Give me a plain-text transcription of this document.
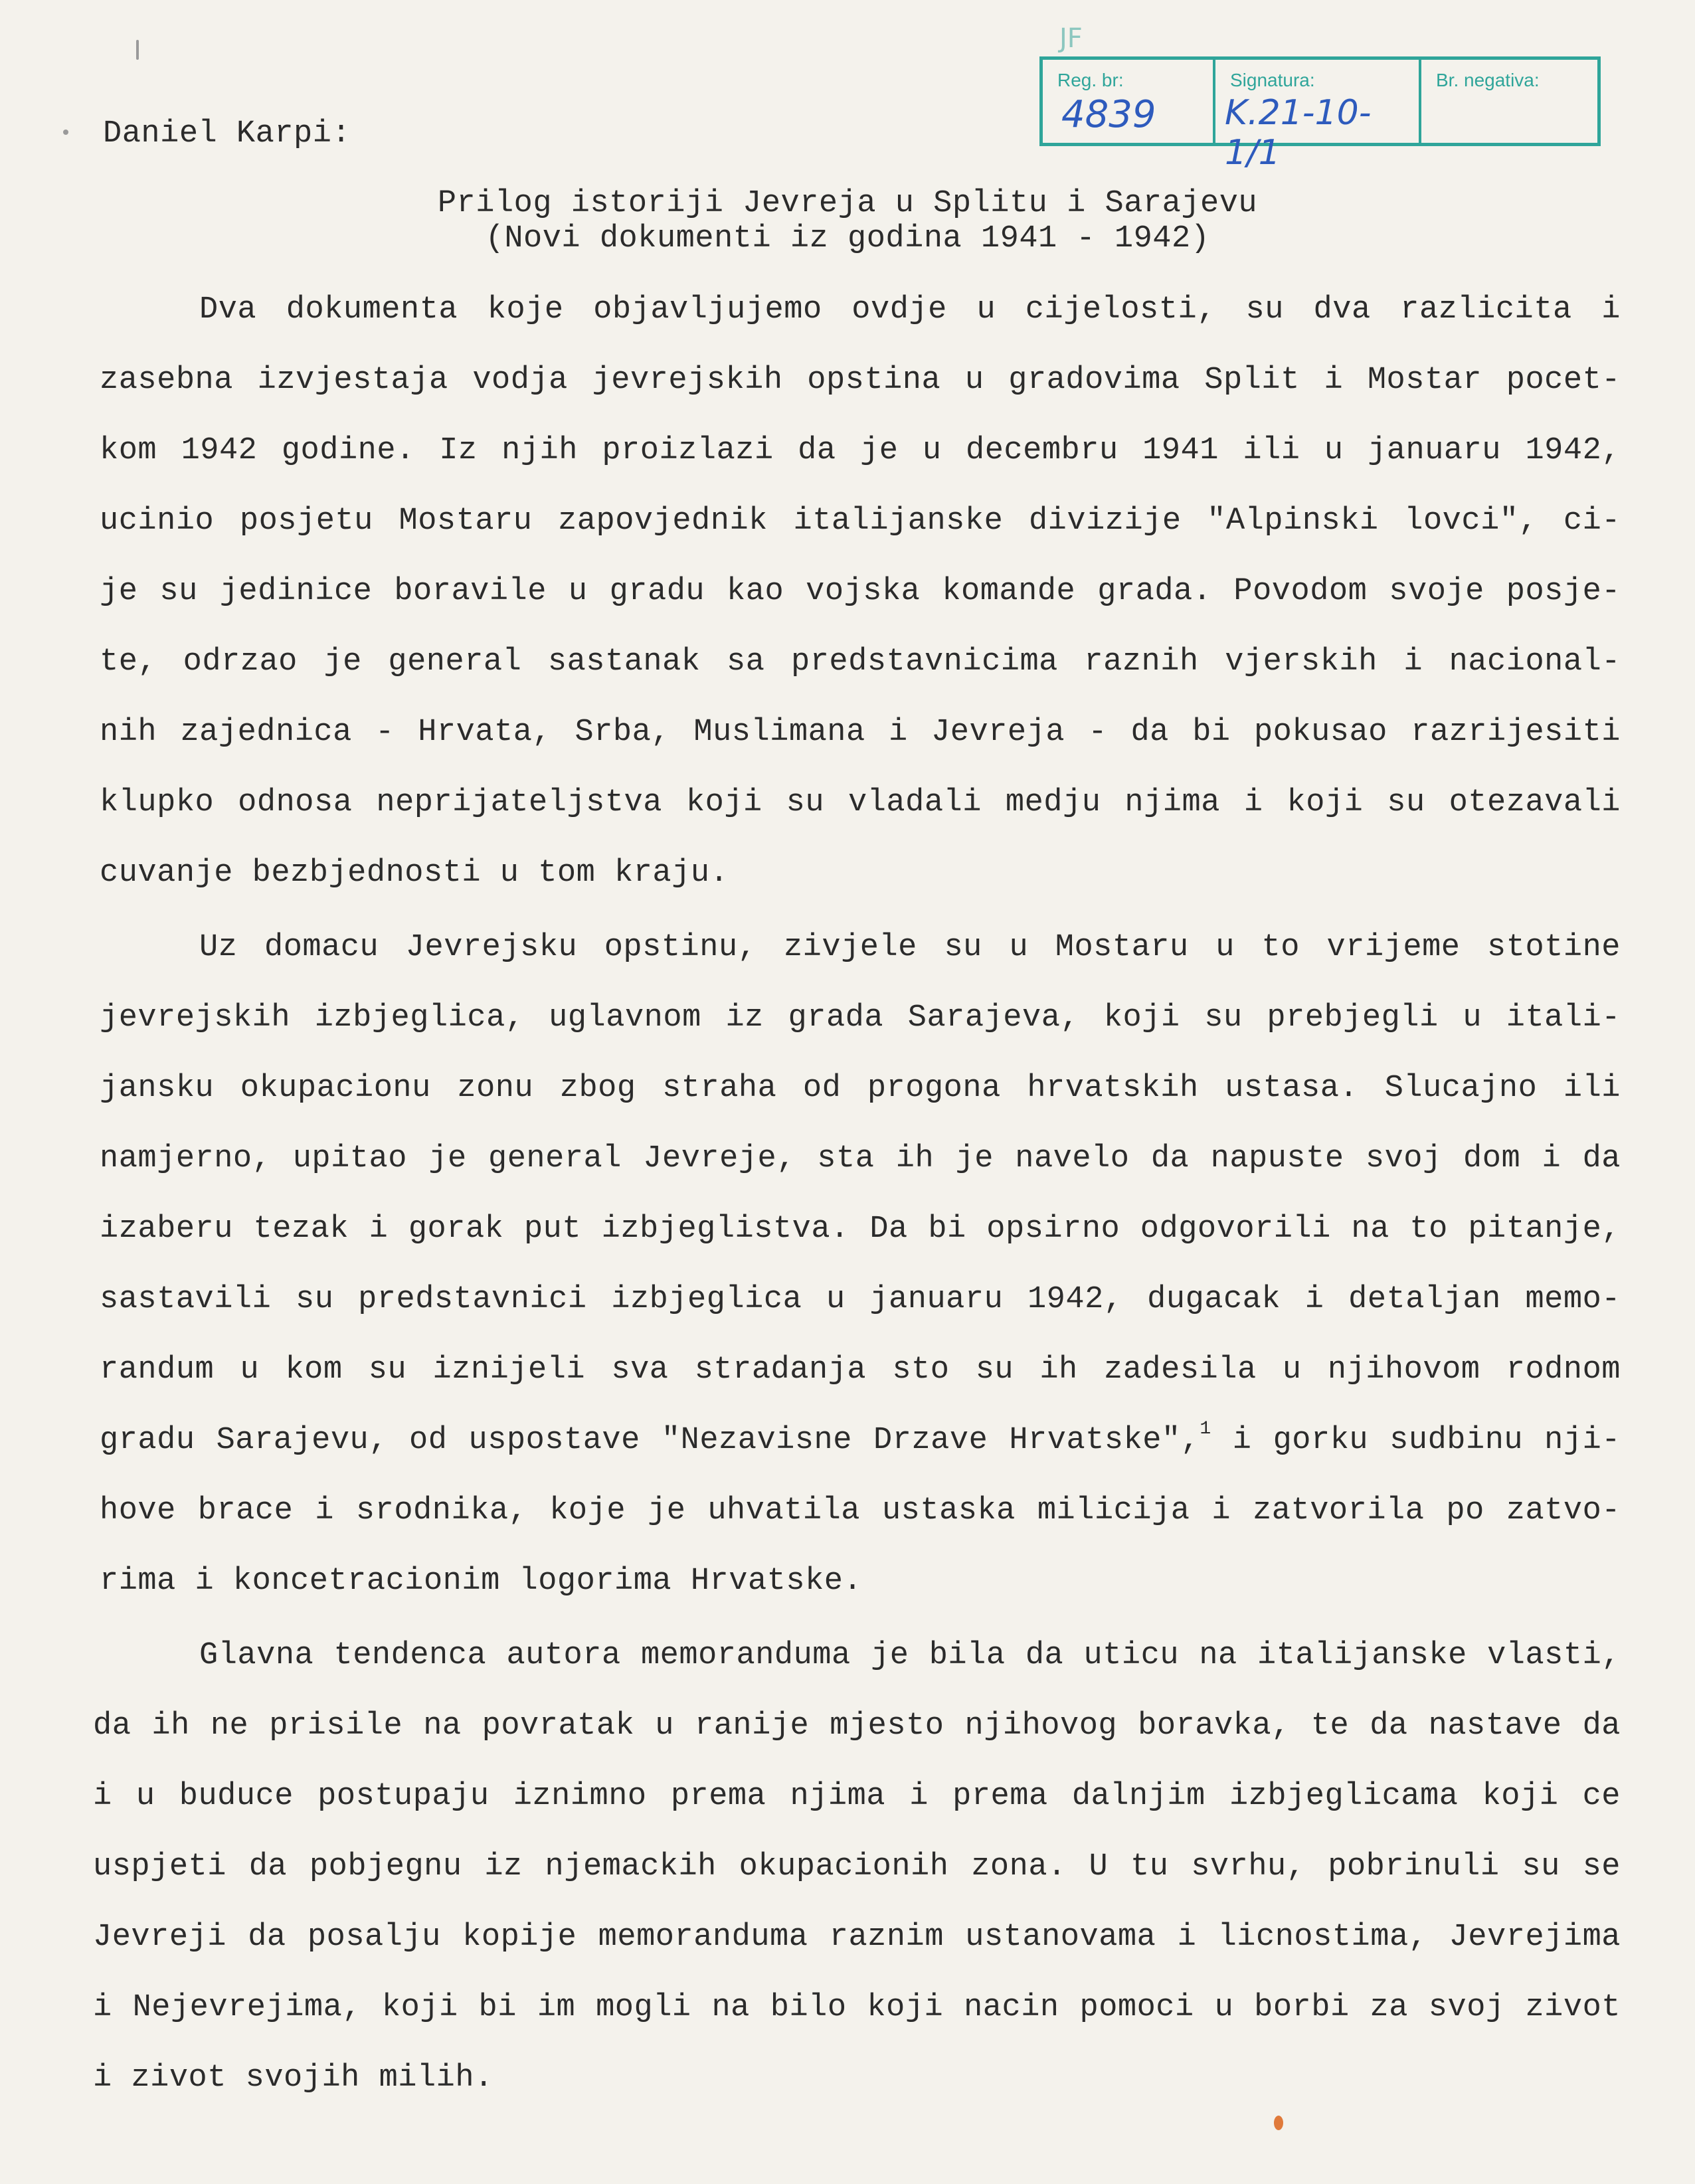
JF
Reg. br:
4839
Signatura:
K.21-10-1/1
Br. negativa:
Daniel Karpi:
Prilog istoriji Jevreja u Splitu i Sarajevu
(Novi dokumenti iz godina 1941 - 1942)
Dva dokumenta koje objavljujemo ovdje u cijelosti, su dva razlicita i
zasebna izvjestaja vodja jevrejskih opstina u gradovima Split i Mostar pocet-
kom 1942 godine. Iz njih proizlazi da je u decembru 1941 ili u januaru 1942,
ucinio posjetu Mostaru zapovjednik italijanske divizije "Alpinski lovci", ci-
je su jedinice boravile u gradu kao vojska komande grada. Povodom svoje posje-
te, odrzao je general sastanak sa predstavnicima raznih vjerskih i nacional-
nih zajednica - Hrvata, Srba, Muslimana i Jevreja - da bi pokusao razrijesiti
klupko odnosa neprijateljstva koji su vladali medju njima i koji su otezavali
cuvanje bezbjednosti u tom kraju.
Uz domacu Jevrejsku opstinu, zivjele su u Mostaru u to vrijeme stotine
jevrejskih izbjeglica, uglavnom iz grada Sarajeva, koji su prebjegli u itali-
jansku okupacionu zonu zbog straha od progona hrvatskih ustasa. Slucajno ili
namjerno, upitao je general Jevreje, sta ih je navelo da napuste svoj dom i da
izaberu tezak i gorak put izbjeglistva. Da bi opsirno odgovorili na to pitanje,
sastavili su predstavnici izbjeglica u januaru 1942, dugacak i detaljan memo-
randum u kom su iznijeli sva stradanja sto su ih zadesila u njihovom rodnom
gradu Sarajevu, od uspostave "Nezavisne Drzave Hrvatske",$^1$ i gorku sudbinu nji-
hove brace i srodnika, koje je uhvatila ustaska milicija i zatvorila po zatvo-
rima i koncetracionim logorima Hrvatske.
Glavna tendenca autora memoranduma je bila da uticu na italijanske vlasti,
da ih ne prisile na povratak u ranije mjesto njihovog boravka, te da nastave da
i u buduce postupaju iznimno prema njima i prema dalnjim izbjeglicama koji ce
uspjeti da pobjegnu iz njemackih okupacionih zona. U tu svrhu, pobrinuli su se
Jevreji da posalju kopije memoranduma raznim ustanovama i licnostima, Jevrejima
i Nejevrejima, koji bi im mogli na bilo koji nacin pomoci u borbi za svoj zivot
i zivot svojih milih.
